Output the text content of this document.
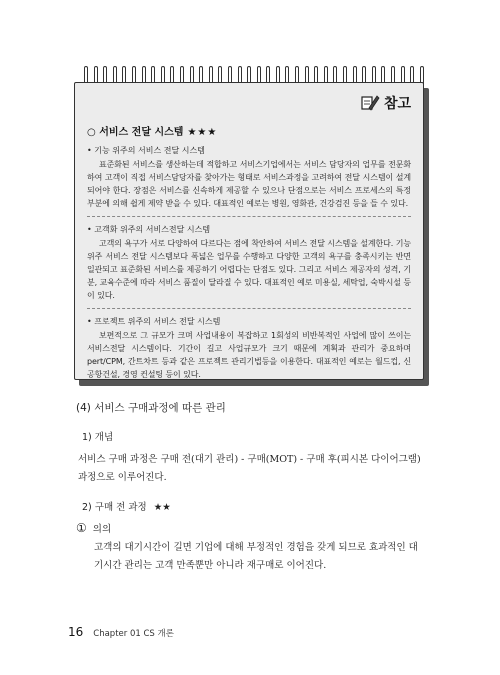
참고
○ 서비스 전달 시스템 ★★★
• 기능 위주의 서비스 전달 시스템
표준화된 서비스를 생산하는데 적합하고 서비스기업에서는 서비스 담당자의 업무를 전문화하여 고객이 직접 서비스담당자를 찾아가는 형태로 서비스과정을 고려하여 전달 시스템이 설계되어야 한다. 장점은 서비스를 신속하게 제공할 수 있으나 단점으로는 서비스 프로세스의 특정부분에 의해 쉽게 제약 받을 수 있다. 대표적인 예로는 병원, 영화관, 건강검진 등을 들 수 있다.
• 고객화 위주의 서비스전달 시스템
고객의 욕구가 서로 다양하여 다르다는 점에 착안하여 서비스 전달 시스템을 설계한다. 기능위주 서비스 전달 시스템보다 폭넓은 업무를 수행하고 다양한 고객의 욕구를 충족시키는 반면 일관되고 표준화된 서비스를 제공하기 어렵다는 단점도 있다. 그리고 서비스 제공자의 성격, 기분, 교육수준에 따라 서비스 품질이 달라질 수 있다. 대표적인 예로 미용실, 세탁업, 숙박시설 등이 있다.
• 프로젝트 위주의 서비스 전달 시스템
보편적으로 그 규모가 크며 사업내용이 복잡하고 1회성의 비반복적인 사업에 많이 쓰이는 서비스전달 시스템이다. 기간이 길고 사업규모가 크기 때문에 계획과 관리가 중요하며 pert/CPM, 간트차트 등과 같은 프로젝트 관리기법등을 이용한다. 대표적인 예로는 월드컵, 신공항건설, 경영 컨설팅 등이 있다.
(4) 서비스 구매과정에 따른 관리
1) 개념
서비스 구매 과정은 구매 전(대기 관리) - 구매(MOT) - 구매 후(피시본 다이어그램) 과정으로 이루어진다.
2) 구매 전 과정 ★★
① 의의
고객의 대기시간이 길면 기업에 대해 부정적인 경험을 갖게 되므로 효과적인 대기시간 관리는 고객 만족뿐만 아니라 재구매로 이어진다.
16 Chapter 01 CS 개론
